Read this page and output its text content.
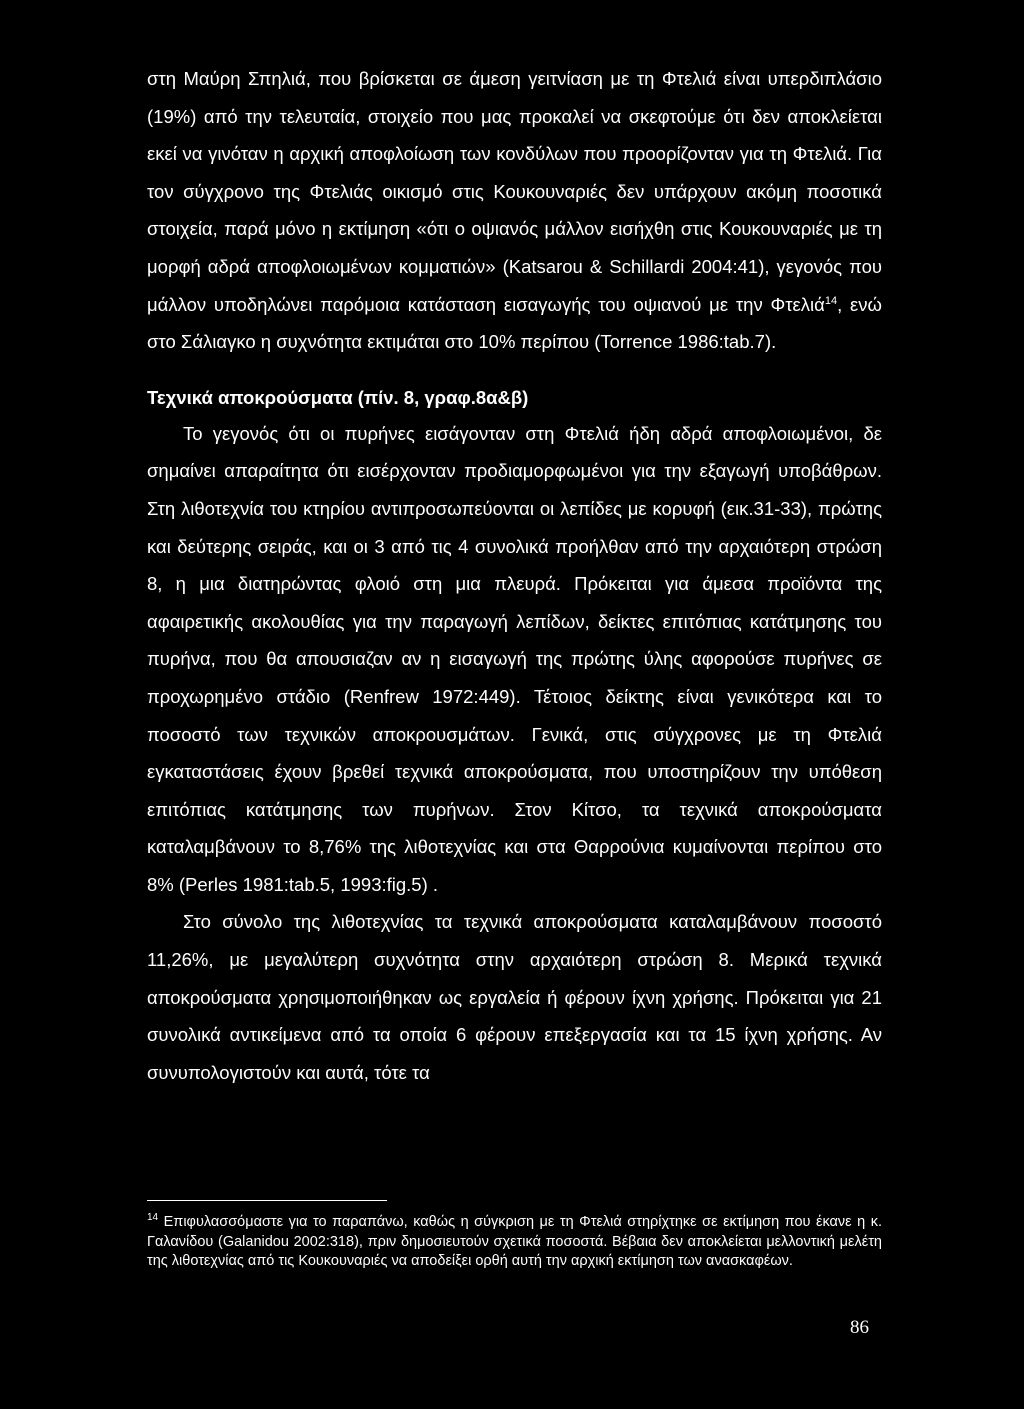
στη Μαύρη Σπηλιά, που βρίσκεται σε άμεση γειτνίαση με τη Φτελιά είναι υπερδιπλάσιο (19%) από την τελευταία, στοιχείο που μας προκαλεί να σκεφτούμε ότι δεν αποκλείεται εκεί να γινόταν η αρχική αποφλοίωση των κονδύλων που προορίζονταν για τη Φτελιά. Για τον σύγχρονο της Φτελιάς οικισμό στις Κουκουναριές δεν υπάρχουν ακόμη ποσοτικά στοιχεία, παρά μόνο η εκτίμηση «ότι ο οψιανός μάλλον εισήχθη στις Κουκουναριές με τη μορφή αδρά αποφλοιωμένων κομματιών» (Katsarou & Schillardi 2004:41), γεγονός που μάλλον υποδηλώνει παρόμοια κατάσταση εισαγωγής του οψιανού με την Φτελιά$^{14}$, ενώ στο Σάλιαγκο η συχνότητα εκτιμάται στο 10% περίπου (Torrence 1986:tab.7).

Τεχνικά αποκρούσματα (πίν. 8, γραφ.8α&β)

Το γεγονός ότι οι πυρήνες εισάγονταν στη Φτελιά ήδη αδρά αποφλοιωμένοι, δε σημαίνει απαραίτητα ότι εισέρχονταν προδιαμορφωμένοι για την εξαγωγή υποβάθρων. Στη λιθοτεχνία του κτηρίου αντιπροσωπεύονται οι λεπίδες με κορυφή (εικ.31-33), πρώτης και δεύτερης σειράς, και οι 3 από τις 4 συνολικά προήλθαν από την αρχαιότερη στρώση 8, η μια διατηρώντας φλοιό στη μια πλευρά. Πρόκειται για άμεσα προϊόντα της αφαιρετικής ακολουθίας για την παραγωγή λεπίδων, δείκτες επιτόπιας κατάτμησης του πυρήνα, που θα απουσιαζαν αν η εισαγωγή της πρώτης ύλης αφορούσε πυρήνες σε προχωρημένο στάδιο (Renfrew 1972:449). Τέτοιος δείκτης είναι γενικότερα και το ποσοστό των τεχνικών αποκρουσμάτων. Γενικά, στις σύγχρονες με τη Φτελιά εγκαταστάσεις έχουν βρεθεί τεχνικά αποκρούσματα, που υποστηρίζουν την υπόθεση επιτόπιας κατάτμησης των πυρήνων. Στον Κίτσο, τα τεχνικά αποκρούσματα καταλαμβάνουν το 8,76% της λιθοτεχνίας και στα Θαρρούνια κυμαίνονται περίπου στο 8% (Perles 1981:tab.5, 1993:fig.5) .

Στο σύνολο της λιθοτεχνίας τα τεχνικά αποκρούσματα καταλαμβάνουν ποσοστό 11,26%, με μεγαλύτερη συχνότητα στην αρχαιότερη στρώση 8. Μερικά τεχνικά αποκρούσματα χρησιμοποιήθηκαν ως εργαλεία ή φέρουν ίχνη χρήσης. Πρόκειται για 21 συνολικά αντικείμενα από τα οποία 6 φέρουν επεξεργασία και τα 15 ίχνη χρήσης. Αν συνυπολογιστούν και αυτά, τότε τα

$^{14}$ Επιφυλασσόμαστε για το παραπάνω, καθώς η σύγκριση με τη Φτελιά στηρίχτηκε σε εκτίμηση που έκανε η κ. Γαλανίδου (Galanidou 2002:318), πριν δημοσιευτούν σχετικά ποσοστά. Βέβαια δεν αποκλείεται μελλοντική μελέτη της λιθοτεχνίας από τις Κουκουναριές να αποδείξει ορθή αυτή την αρχική εκτίμηση των ανασκαφέων.

86
